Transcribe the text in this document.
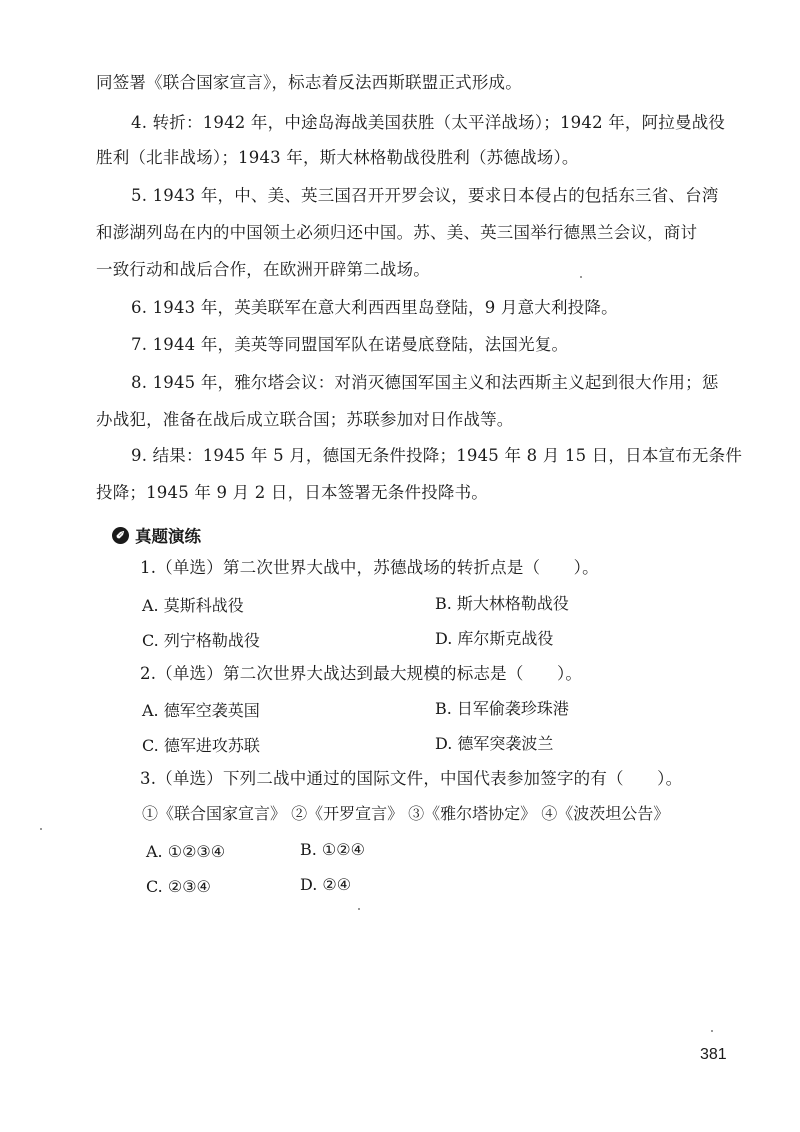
同签署《联合国家宣言》，标志着反法西斯联盟正式形成。
4. 转折：1942 年，中途岛海战美国获胜（太平洋战场）；1942 年，阿拉曼战役
胜利（北非战场）；1943 年，斯大林格勒战役胜利（苏德战场）。
5. 1943 年，中、美、英三国召开开罗会议，要求日本侵占的包括东三省、台湾
和澎湖列岛在内的中国领土必须归还中国。苏、美、英三国举行德黑兰会议，商讨
一致行动和战后合作，在欧洲开辟第二战场。
6. 1943 年，英美联军在意大利西西里岛登陆，9 月意大利投降。
7. 1944 年，美英等同盟国军队在诺曼底登陆，法国光复。
8. 1945 年，雅尔塔会议：对消灭德国军国主义和法西斯主义起到很大作用；惩
办战犯，准备在战后成立联合国；苏联参加对日作战等。
9. 结果：1945 年 5 月，德国无条件投降；1945 年 8 月 15 日，日本宣布无条件
投降；1945 年 9 月 2 日，日本签署无条件投降书。
✐ 真题演练
1.（单选）第二次世界大战中，苏德战场的转折点是（　　）。
A. 莫斯科战役	B. 斯大林格勒战役
C. 列宁格勒战役	D. 库尔斯克战役
2.（单选）第二次世界大战达到最大规模的标志是（　　）。
A. 德军空袭英国	B. 日军偷袭珍珠港
C. 德军进攻苏联	D. 德军突袭波兰
3.（单选）下列二战中通过的国际文件，中国代表参加签字的有（　　）。
①《联合国家宣言》 ②《开罗宣言》 ③《雅尔塔协定》 ④《波茨坦公告》
A. ①②③④	B. ①②④
C. ②③④	D. ②④
381
